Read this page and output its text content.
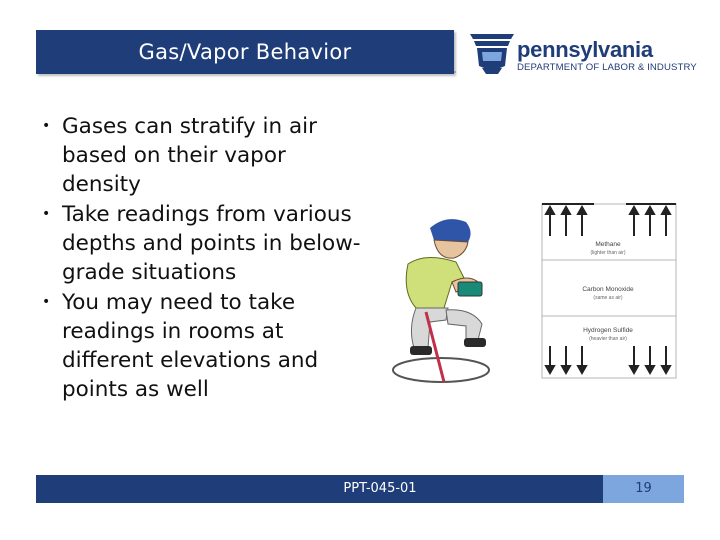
Gas/Vapor Behavior	pennsylvania
DEPARTMENT OF LABOR & INDUSTRY
• Gases can stratify in air based on their vapor density
• Take readings from various depths and points in below-grade situations
• You may need to take readings in rooms at different elevations and points as well
Methane
(lighter than air)
Carbon Monoxide
(same as air)
Hydrogen Sulfide
(heavier than air)
PPT-045-01	19
